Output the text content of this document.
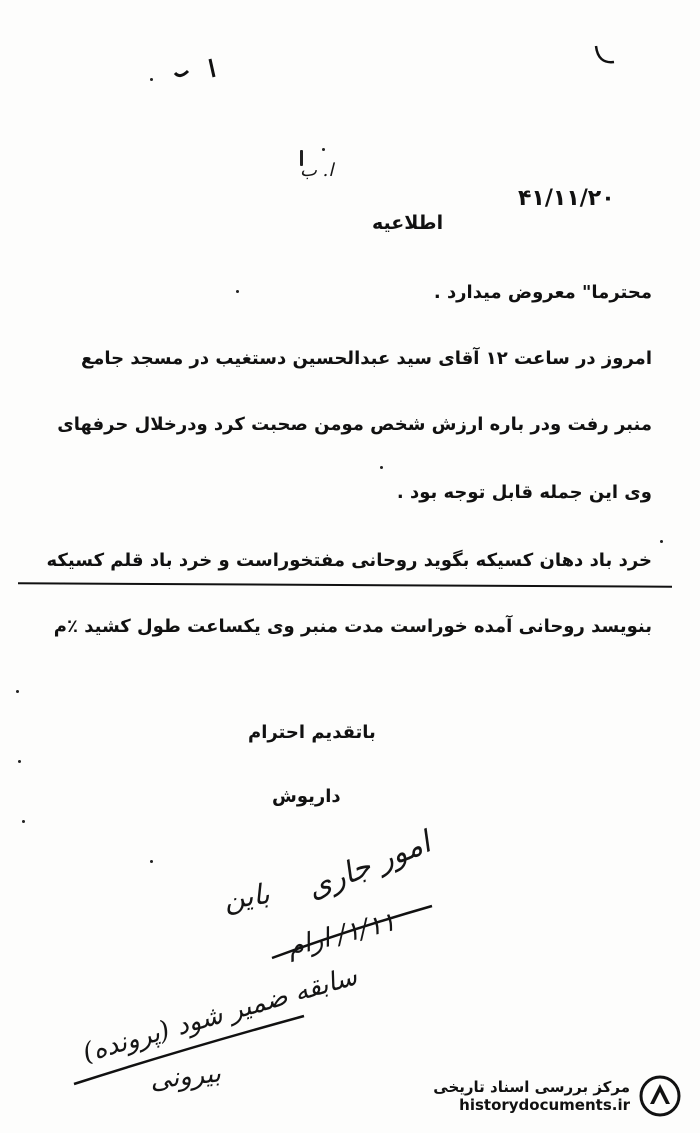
ا. ب
۴۱/۱۱/۲۰
اطلاعیه
محترما" معروض میدارد .
امروز در ساعت ۱۲ آقای سید عبدالحسین دستغیب در مسجد جامع
منبر رفت ودر باره ارزش شخص مومن صحبت کرد ودرخلال حرفهای
وی این جمله قابل توجه بود .
خرد باد دهان کسیکه بگوید روحانی مفتخوراست و خرد باد قلم کسیکه
بنویسد روحانی آمده خوراست مدت منبر وی یکساعت طول کشید ٪م
باتقدیم احترام
داریوش
امور جاری
باین
۱/۱۱/ ارام
سابقه ضمیر شود (پرونده)
بیرونی	مرکز بررسی اسناد تاریخی
historydocuments.ir
